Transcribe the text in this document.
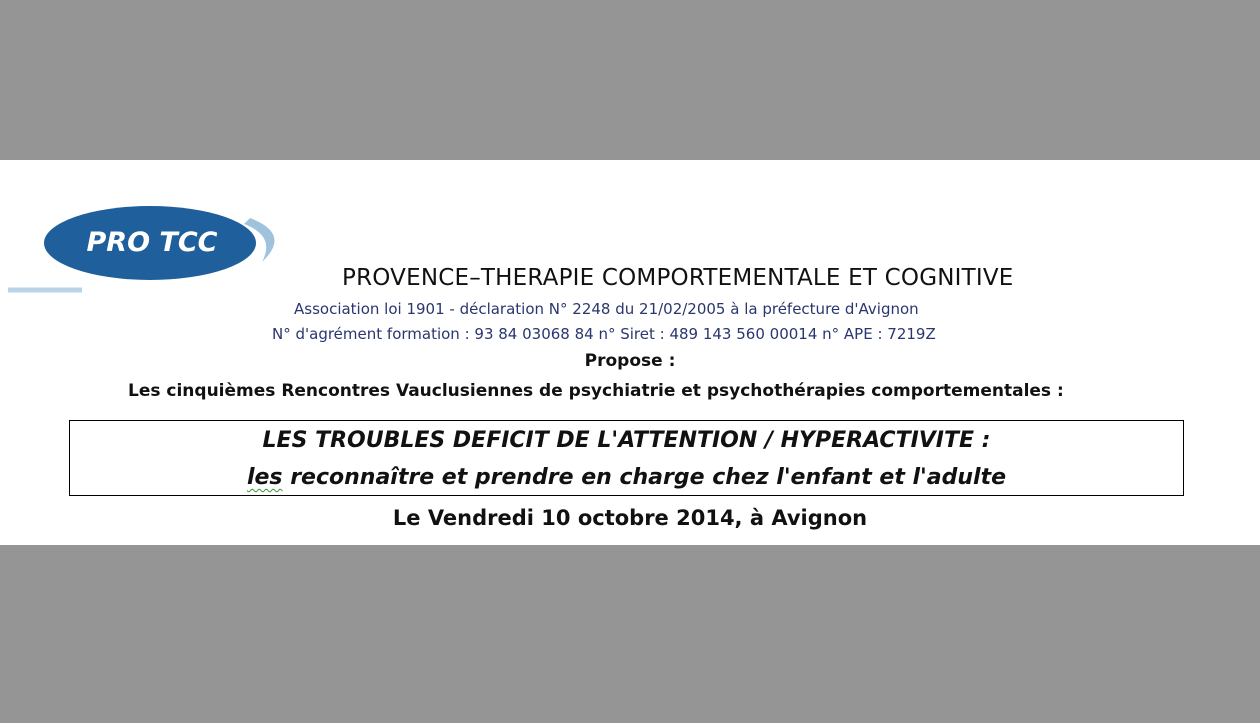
PRO TCC
PROVENCE–THERAPIE COMPORTEMENTALE ET COGNITIVE
Association loi 1901 - déclaration N° 2248 du 21/02/2005 à la préfecture d'Avignon
N° d'agrément formation : 93 84 03068 84 n° Siret : 489 143 560 00014 n° APE : 7219Z
Propose :
Les cinquièmes Rencontres Vauclusiennes de psychiatrie et psychothérapies comportementales :
LES TROUBLES DEFICIT DE L'ATTENTION / HYPERACTIVITE :
les reconnaître et prendre en charge chez l'enfant et l'adulte
Le Vendredi 10 octobre 2014, à Avignon
